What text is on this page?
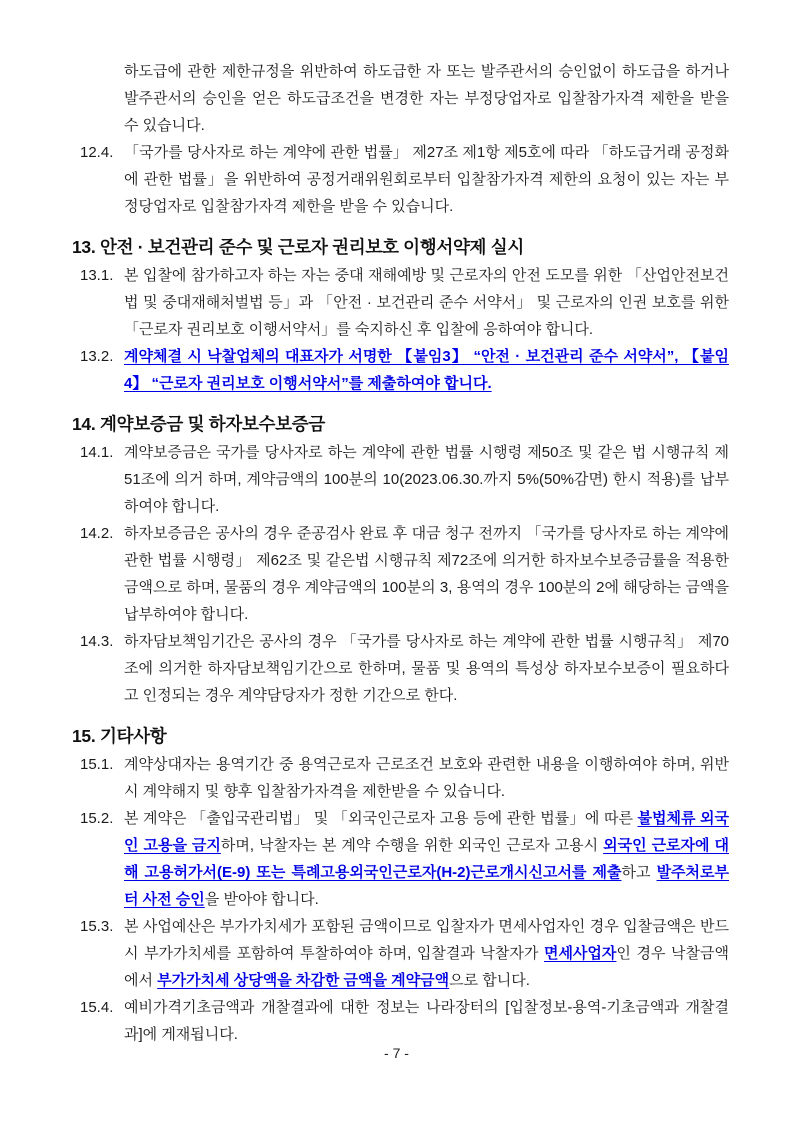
하도급에 관한 제한규정을 위반하여 하도급한 자 또는 발주관서의 승인없이 하도급을 하거나 발주관서의 승인을 얻은 하도급조건을 변경한 자는 부정당업자로 입찰참가자격 제한을 받을 수 있습니다.

12.4. 「국가를 당사자로 하는 계약에 관한 법률」 제27조 제1항 제5호에 따라 「하도급거래 공정화에 관한 법률」을 위반하여 공정거래위원회로부터 입찰참가자격 제한의 요청이 있는 자는 부정당업자로 입찰참가자격 제한을 받을 수 있습니다.
13. 안전 · 보건관리 준수 및 근로자 권리보호 이행서약제 실시
13.1. 본 입찰에 참가하고자 하는 자는 중대 재해예방 및 근로자의 안전 도모를 위한 「산업안전보건법 및 중대재해처벌법 등」과 「안전 · 보건관리 준수 서약서」 및 근로자의 인권 보호를 위한 「근로자 권리보호 이행서약서」를 숙지하신 후 입찰에 응하여야 합니다.
13.2. 계약체결 시 낙찰업체의 대표자가 서명한 【붙임3】 “안전 · 보건관리 준수 서약서”, 【붙임4】 “근로자 권리보호 이행서약서”를 제출하여야 합니다.
14. 계약보증금 및 하자보수보증금
14.1. 계약보증금은 국가를 당사자로 하는 계약에 관한 법률 시행령 제50조 및 같은 법 시행규칙 제51조에 의거 하며, 계약금액의 100분의 10(2023.06.30.까지 5%(50%감면) 한시 적용)를 납부하여야 합니다.
14.2. 하자보증금은 공사의 경우 준공검사 완료 후 대금 청구 전까지 「국가를 당사자로 하는 계약에 관한 법률 시행령」 제62조 및 같은법 시행규칙 제72조에 의거한 하자보수보증금률을 적용한 금액으로 하며, 물품의 경우 계약금액의 100분의 3, 용역의 경우 100분의 2에 해당하는 금액을 납부하여야 합니다.
14.3. 하자담보책임기간은 공사의 경우 「국가를 당사자로 하는 계약에 관한 법률 시행규칙」 제70조에 의거한 하자담보책임기간으로 한하며, 물품 및 용역의 특성상 하자보수보증이 필요하다고 인정되는 경우 계약담당자가 정한 기간으로 한다.
15. 기타사항
15.1. 계약상대자는 용역기간 중 용역근로자 근로조건 보호와 관련한 내용을 이행하여야 하며, 위반 시 계약해지 및 향후 입찰참가자격을 제한받을 수 있습니다.
15.2. 본 계약은 「출입국관리법」 및 「외국인근로자 고용 등에 관한 법률」에 따른 불법체류 외국인 고용을 금지하며, 낙찰자는 본 계약 수행을 위한 외국인 근로자 고용시 외국인 근로자에 대해 고용허가서(E-9) 또는 특례고용외국인근로자(H-2)근로개시신고서를 제출하고 발주처로부터 사전 승인을 받아야 합니다.
15.3. 본 사업예산은 부가가치세가 포함된 금액이므로 입찰자가 면세사업자인 경우 입찰금액은 반드시 부가가치세를 포함하여 투찰하여야 하며, 입찰결과 낙찰자가 면세사업자인 경우 낙찰금액에서 부가가치세 상당액을 차감한 금액을 계약금액으로 합니다.
15.4. 예비가격기초금액과 개찰결과에 대한 정보는 나라장터의 [입찰정보-용역-기초금액과 개찰결과]에 게재됩니다.
- 7 -
